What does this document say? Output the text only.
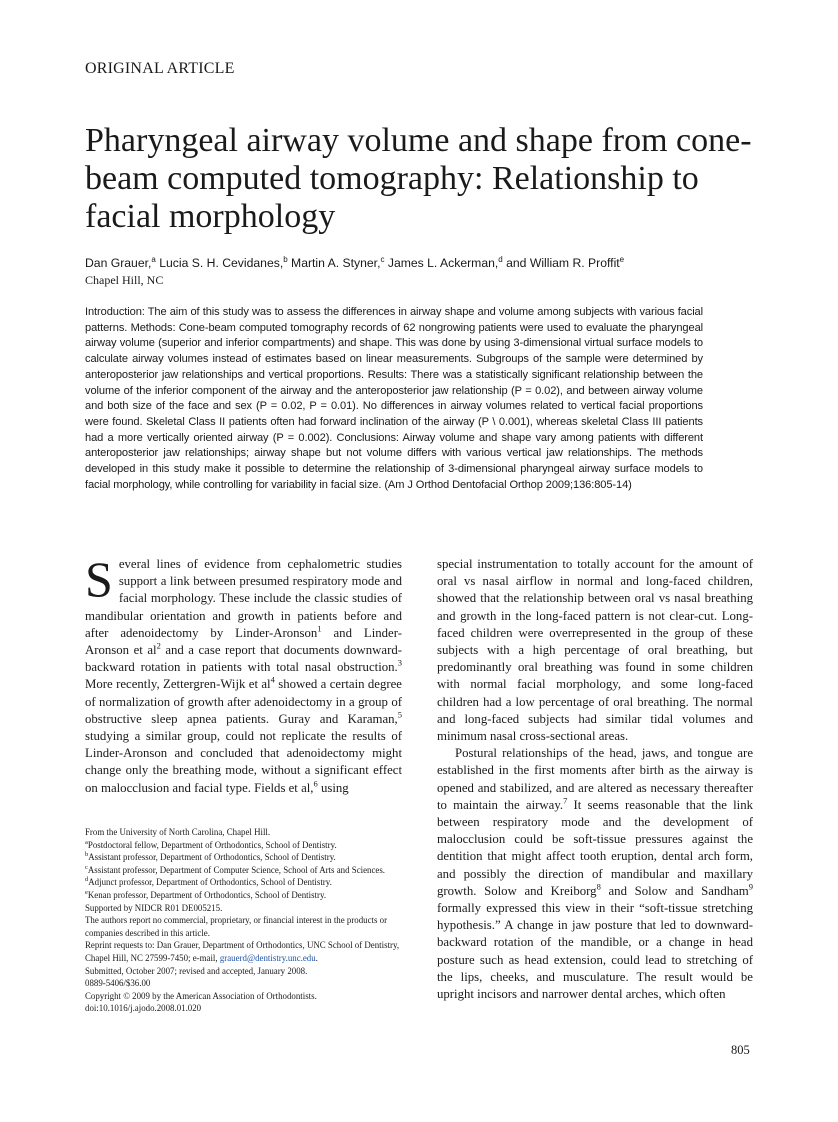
ORIGINAL ARTICLE
Pharyngeal airway volume and shape from cone-beam computed tomography: Relationship to facial morphology
Dan Grauer,$^a$ Lucia S. H. Cevidanes,$^b$ Martin A. Styner,$^c$ James L. Ackerman,$^d$ and William R. Proffit$^e$
Chapel Hill, NC
Introduction: The aim of this study was to assess the differences in airway shape and volume among subjects with various facial patterns. Methods: Cone-beam computed tomography records of 62 nongrowing patients were used to evaluate the pharyngeal airway volume (superior and inferior compartments) and shape. This was done by using 3-dimensional virtual surface models to calculate airway volumes instead of estimates based on linear measurements. Subgroups of the sample were determined by anteroposterior jaw relationships and vertical proportions. Results: There was a statistically significant relationship between the volume of the inferior component of the airway and the anteroposterior jaw relationship (P = 0.02), and between airway volume and both size of the face and sex (P = 0.02, P = 0.01). No differences in airway volumes related to vertical facial proportions were found. Skeletal Class II patients often had forward inclination of the airway (P \ 0.001), whereas skeletal Class III patients had a more vertically oriented airway (P = 0.002). Conclusions: Airway volume and shape vary among patients with different anteroposterior jaw relationships; airway shape but not volume differs with various vertical jaw relationships. The methods developed in this study make it possible to determine the relationship of 3-dimensional pharyngeal airway surface models to facial morphology, while controlling for variability in facial size. (Am J Orthod Dentofacial Orthop 2009;136:805-14)

Several lines of evidence from cephalometric studies support a link between presumed respiratory mode and facial morphology. These include the classic studies of mandibular orientation and growth in patients before and after adenoidectomy by Linder-Aronson$^1$ and Linder-Aronson et $al^2$ and a case report that documents downward-backward rotation in patients with total nasal obstruction.$^3$ More recently, Zettergren-Wijk et $al^4$ showed a certain degree of normalization of growth after adenoidectomy in a group of obstructive sleep apnea patients. Guray and Karaman,$^5$ studying a similar group, could not replicate the results of Linder-Aronson and concluded that adenoidectomy might change only the breathing mode, without a significant effect on malocclusion and facial type. Fields et al,$^6$ using

special instrumentation to totally account for the amount of oral vs nasal airflow in normal and long-faced children, showed that the relationship between oral vs nasal breathing and growth in the long-faced pattern is not clear-cut. Long-faced children were overrepresented in the group of these subjects with a high percentage of oral breathing, but predominantly oral breathing was found in some children with normal facial morphology, and some long-faced children had a low percentage of oral breathing. The normal and long-faced subjects had similar tidal volumes and minimum nasal cross-sectional areas.

Postural relationships of the head, jaws, and tongue are established in the first moments after birth as the airway is opened and stabilized, and are altered as necessary thereafter to maintain the airway.$^7$ It seems reasonable that the link between respiratory mode and the development of malocclusion could be soft-tissue pressures against the dentition that might affect tooth eruption, dental arch form, and possibly the direction of mandibular and maxillary growth. Solow and Kreiborg$^8$ and Solow and Sandham$^9$ formally expressed this view in their “soft-tissue stretching hypothesis.” A change in jaw posture that led to downward-backward rotation of the mandible, or a change in head posture such as head extension, could lead to stretching of the lips, cheeks, and musculature. The result would be upright incisors and narrower dental arches, which often

From the University of North Carolina, Chapel Hill.
$^a$Postdoctoral fellow, Department of Orthodontics, School of Dentistry.
$^b$Assistant professor, Department of Orthodontics, School of Dentistry.
$^c$Assistant professor, Department of Computer Science, School of Arts and Sciences.
$^d$Adjunct professor, Department of Orthodontics, School of Dentistry.
$^e$Kenan professor, Department of Orthodontics, School of Dentistry.
Supported by NIDCR R01 DE005215.
The authors report no commercial, proprietary, or financial interest in the products or companies described in this article.
Reprint requests to: Dan Grauer, Department of Orthodontics, UNC School of Dentistry, Chapel Hill, NC 27599-7450; e-mail, grauerd@dentistry.unc.edu.
Submitted, October 2007; revised and accepted, January 2008.
0889-5406/$36.00
Copyright © 2009 by the American Association of Orthodontists.
doi:10.1016/j.ajodo.2008.01.020
805
